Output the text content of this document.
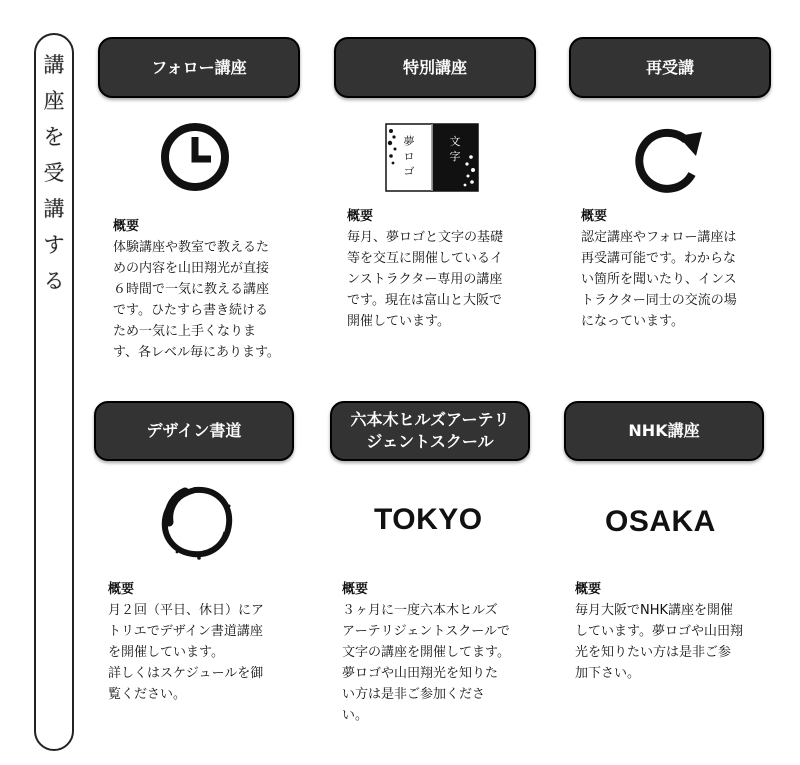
講
座
を
受
講
す
る
フォロー講座	特別講座	再受講
夢
ロ
ゴ
文
字
概要
体験講座や教室で教えるた
めの内容を山田翔光が直接
６時間で一気に教える講座
です。ひたすら書き続ける
ため一気に上手くなりま
す、各レベル毎にあります。
概要
毎月、夢ロゴと文字の基礎
等を交互に開催しているイ
ンストラクター専用の講座
です。現在は富山と大阪で
開催しています。
概要
認定講座やフォロー講座は
再受講可能です。わからな
い箇所を聞いたり、インス
トラクター同士の交流の場
になっています。
デザイン書道
六本木ヒルズアーテリ
ジェントスクール
NHK講座
TOKYO	OSAKA
概要
月２回（平日、休日）にア
トリエでデザイン書道講座
を開催しています。
詳しくはスケジュールを御
覧ください。
概要
３ヶ月に一度六本木ヒルズ
アーテリジェントスクールで
文字の講座を開催してます。
夢ロゴや山田翔光を知りた
い方は是非ご参加くださ
い。
概要
毎月大阪でNHK講座を開催
しています。夢ロゴや山田翔
光を知りたい方は是非ご参
加下さい。
